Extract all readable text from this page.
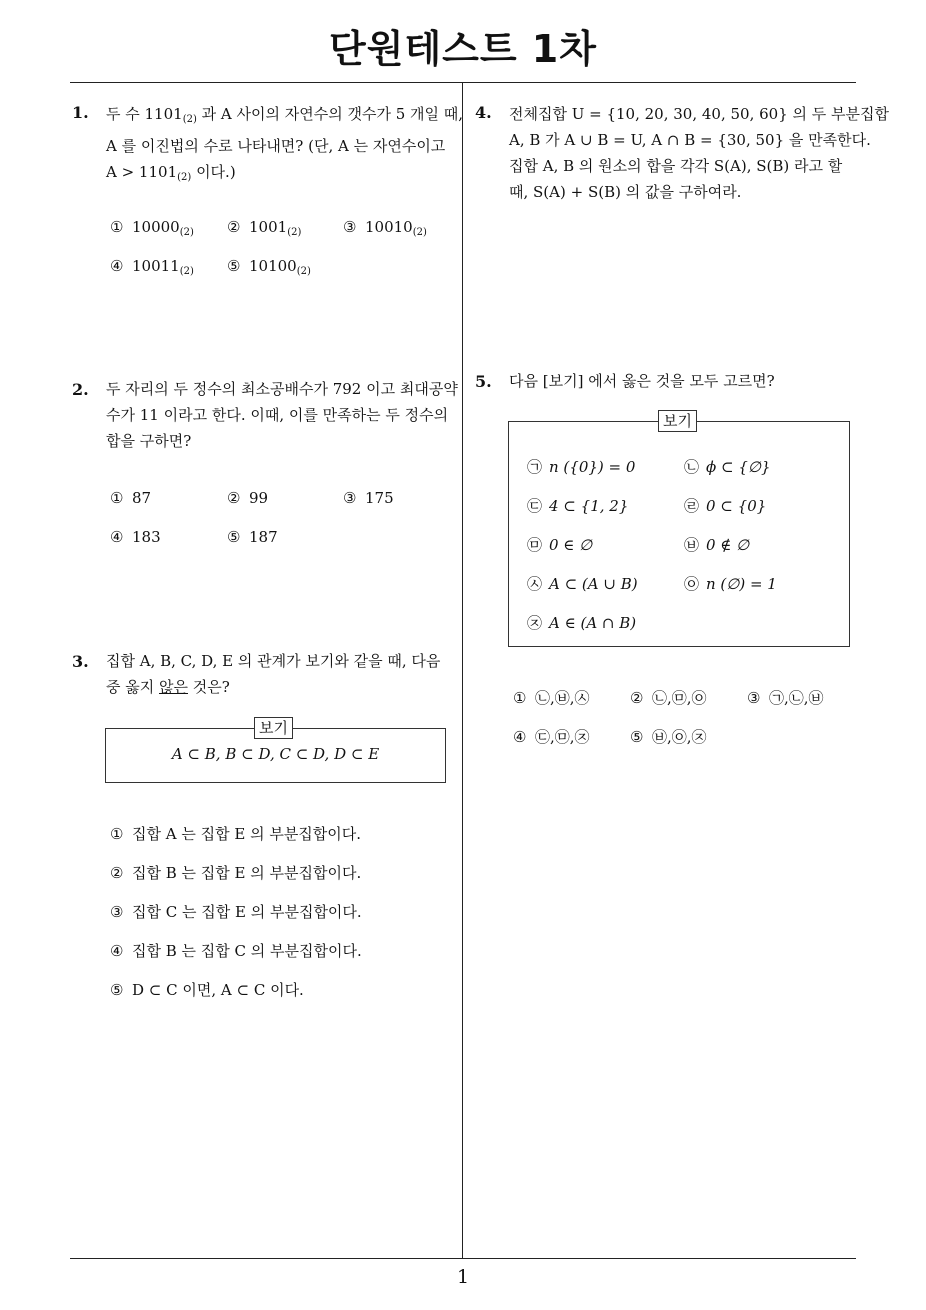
단원테스트 1차
1
1. 두 수 $1101_{(2)}$ 과 A 사이의 자연수의 갯수가 5 개일 때,
A 를 이진법의 수로 나타내면? (단, A 는 자연수이고
$A > 1101_{(2)}$ 이다.)
① $10000_{(2)}$ ② $1001_{(2)}$	③ $10010_{(2)}$
④ $10011_{(2)}$ ⑤ $10100_{(2)}$
2. 두 자리의 두 정수의 최소공배수가 792 이고 최대공약
수가 11 이라고 한다. 이때, 이를 만족하는 두 정수의
합을 구하면?
① 87	② 99	③ 175
④ 183	⑤ 187
3. 집합 A, B, C, D, E 의 관계가 보기와 같을 때, 다음
중 옳지 않은 것은?
A ⊂ B, B ⊂ D, C ⊂ D, D ⊂ E
보기
① 집합 A 는 집합 E 의 부분집합이다.
② 집합 B 는 집합 E 의 부분집합이다.
③ 집합 C 는 집합 E 의 부분집합이다.
④ 집합 B 는 집합 C 의 부분집합이다.
⑤ D ⊂ C 이면, A ⊂ C 이다.
4. 전체집합 U = {10, 20, 30, 40, 50, 60} 의 두 부분집합
A, B 가 A ∪ B = U, A ∩ B = {30, 50} 을 만족한다.
집합 A, B 의 원소의 합을 각각 S(A), S(B) 라고 할
때, S(A) + S(B) 의 값을 구하여라.
5. 다음 [보기] 에서 옳은 것을 모두 고르면?
㉠ n ({0}) = 0	㉡ ϕ ⊂ {∅}
㉢ 4 ⊂ {1, 2}	㉣ 0 ⊂ {0}
㉤ 0 ∈ ∅	㉥ 0 ∉ ∅
㉦ A ⊂ (A ∪ B)	㉧ n (∅) = 1
㉨ A ∈ (A ∩ B)
보기
① ㉡,㉥,㉦	② ㉡,㉤,㉧	③ ㉠,㉡,㉥
④ ㉢,㉤,㉨	⑤ ㉥,㉧,㉨
